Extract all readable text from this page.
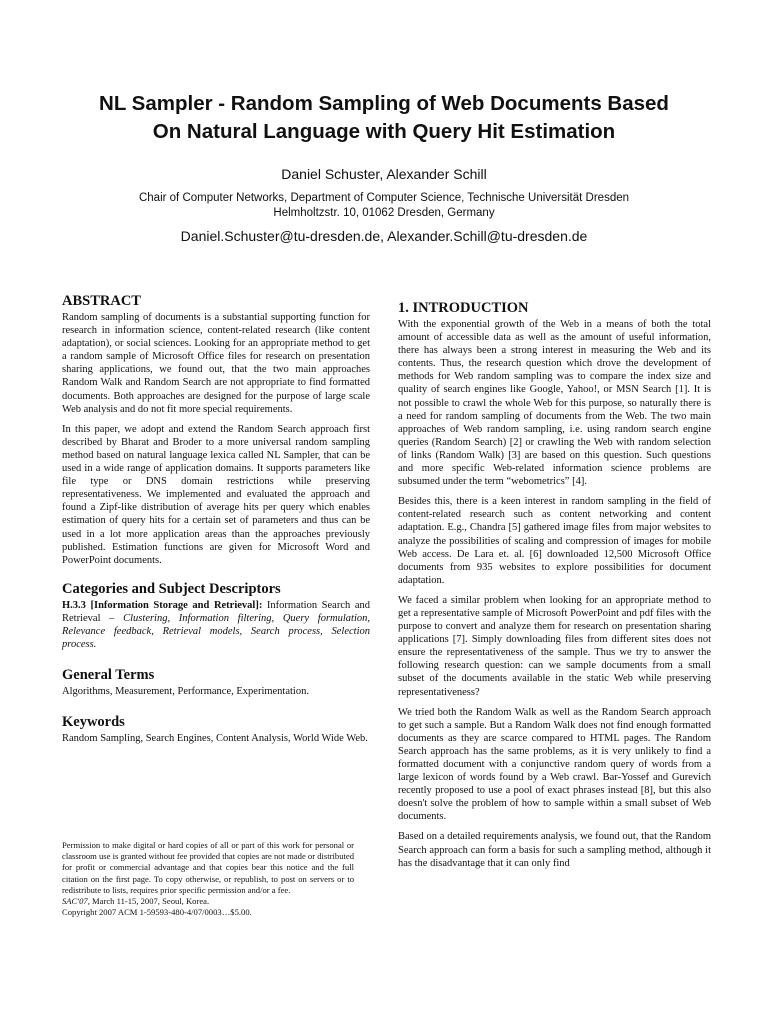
NL Sampler - Random Sampling of Web Documents Based
On Natural Language with Query Hit Estimation
Daniel Schuster, Alexander Schill
Chair of Computer Networks, Department of Computer Science, Technische Universität Dresden
Helmholtzstr. 10, 01062 Dresden, Germany
Daniel.Schuster@tu-dresden.de, Alexander.Schill@tu-dresden.de
ABSTRACT

Random sampling of documents is a substantial supporting function for research in information science, content-related research (like content adaptation), or social sciences. Looking for an appropriate method to get a random sample of Microsoft Office files for research on presentation sharing applications, we found out, that the two main approaches Random Walk and Random Search are not appropriate to find formatted documents. Both approaches are designed for the purpose of large scale Web analysis and do not fit more special requirements.

In this paper, we adopt and extend the Random Search approach first described by Bharat and Broder to a more universal random sampling method based on natural language lexica called NL Sampler, that can be used in a wide range of application domains. It supports parameters like file type or DNS domain restrictions while preserving representativeness. We implemented and evaluated the approach and found a Zipf-like distribution of average hits per query which enables estimation of query hits for a certain set of parameters and thus can be used in a lot more application areas than the approaches previously published. Estimation functions are given for Microsoft Word and PowerPoint documents.

Categories and Subject Descriptors

H.3.3 [Information Storage and Retrieval]: Information Search and Retrieval – Clustering, Information filtering, Query formulation, Relevance feedback, Retrieval models, Search process, Selection process.

General Terms

Algorithms, Measurement, Performance, Experimentation.

Keywords

Random Sampling, Search Engines, Content Analysis, World Wide Web.

Permission to make digital or hard copies of all or part of this work for personal or classroom use is granted without fee provided that copies are not made or distributed for profit or commercial advantage and that copies bear this notice and the full citation on the first page. To copy otherwise, or republish, to post on servers or to redistribute to lists, requires prior specific permission and/or a fee.

SAC'07, March 11-15, 2007, Seoul, Korea.

Copyright 2007 ACM 1-59593-480-4/07/0003…$5.00.

1. INTRODUCTION

With the exponential growth of the Web in a means of both the total amount of accessible data as well as the amount of useful information, there has always been a strong interest in measuring the Web and its contents. Thus, the research question which drove the development of methods for Web random sampling was to compare the index size and quality of search engines like Google, Yahoo!, or MSN Search [1]. It is not possible to crawl the whole Web for this purpose, so naturally there is a need for random sampling of documents from the Web. The two main approaches of Web random sampling, i.e. using random search engine queries (Random Search) [2] or crawling the Web with random selection of links (Random Walk) [3] are based on this question. Such questions and more specific Web-related information science problems are subsumed under the term “webometrics” [4].

Besides this, there is a keen interest in random sampling in the field of content-related research such as content networking and content adaptation. E.g., Chandra [5] gathered image files from major websites to analyze the possibilities of scaling and compression of images for mobile Web access. De Lara et. al. [6] downloaded 12,500 Microsoft Office documents from 935 websites to explore possibilities for document adaptation.

We faced a similar problem when looking for an appropriate method to get a representative sample of Microsoft PowerPoint and pdf files with the purpose to convert and analyze them for research on presentation sharing applications [7]. Simply downloading files from different sites does not ensure the representativeness of the sample. Thus we try to answer the following research question: can we sample documents from a small subset of the documents available in the static Web while preserving representativeness?

We tried both the Random Walk as well as the Random Search approach to get such a sample. But a Random Walk does not find enough formatted documents as they are scarce compared to HTML pages. The Random Search approach has the same problems, as it is very unlikely to find a formatted document with a conjunctive random query of words from a large lexicon of words found by a Web crawl. Bar-Yossef and Gurevich recently proposed to use a pool of exact phrases instead [8], but this also doesn't solve the problem of how to sample within a small subset of Web documents.

Based on a detailed requirements analysis, we found out, that the Random Search approach can form a basis for such a sampling method, although it has the disadvantage that it can only find
